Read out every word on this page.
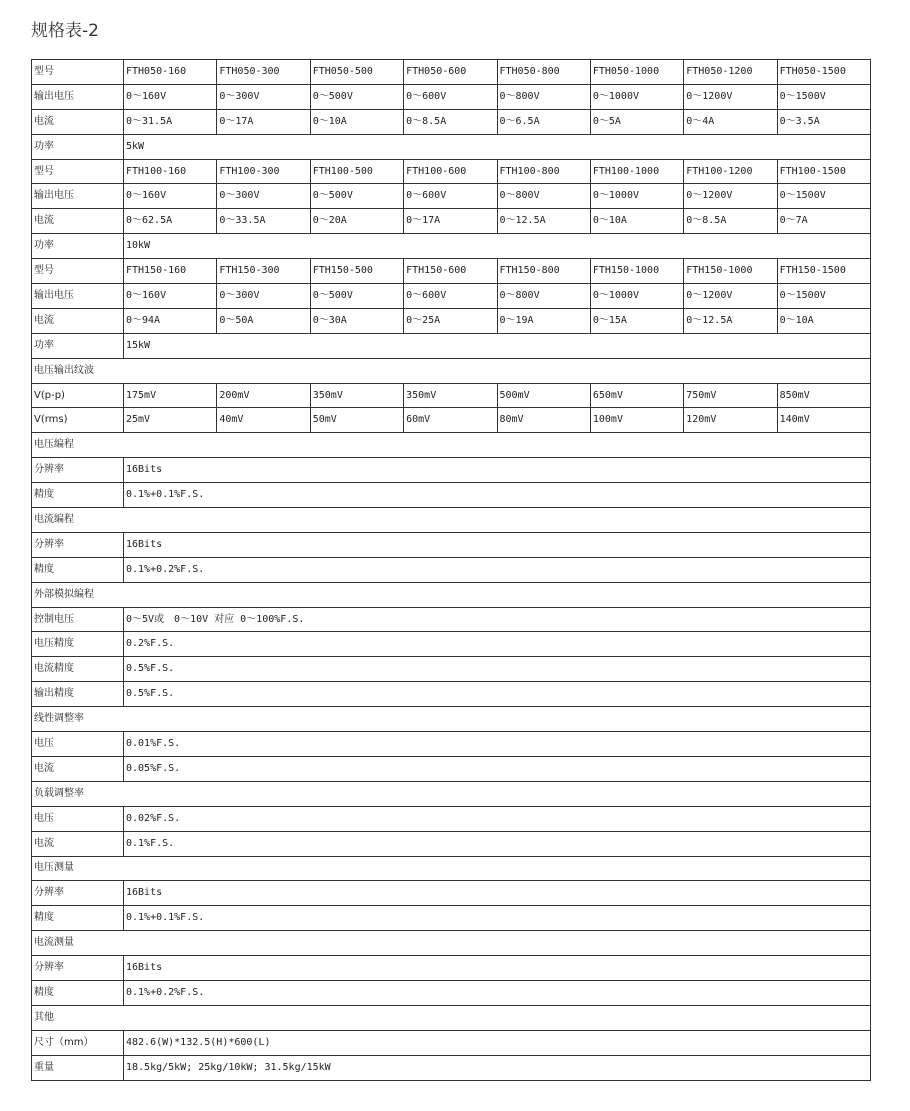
规格表-2
型号	FTH050-160	FTH050-300	FTH050-500	FTH050-600	FTH050-800	FTH050-1000	FTH050-1200	FTH050-1500
输出电压	0～160V	0～300V	0～500V	0～600V	0～800V	0～1000V	0～1200V	0～1500V
电流	0～31.5A	0～17A	0～10A	0～8.5A	0～6.5A	0～5A	0～4A	0～3.5A
功率	5kW							
型号	FTH100-160	FTH100-300	FTH100-500	FTH100-600	FTH100-800	FTH100-1000	FTH100-1200	FTH100-1500
输出电压	0～160V	0～300V	0～500V	0～600V	0～800V	0～1000V	0～1200V	0～1500V
电流	0～62.5A	0～33.5A	0～20A	0～17A	0～12.5A	0～10A	0～8.5A	0～7A
功率	10kW							
型号	FTH150-160	FTH150-300	FTH150-500	FTH150-600	FTH150-800	FTH150-1000	FTH150-1000	FTH150-1500
输出电压	0～160V	0～300V	0～500V	0～600V	0～800V	0～1000V	0～1200V	0～1500V
电流	0～94A	0～50A	0～30A	0～25A	0～19A	0～15A	0～12.5A	0～10A
功率	15kW							
电压输出纹波								
V(p-p)	175mV	200mV	350mV	350mV	500mV	650mV	750mV	850mV
V(rms)	25mV	40mV	50mV	60mV	80mV	100mV	120mV	140mV
电压编程								
分辨率	16Bits							
精度	0.1%+0.1%F.S.							
电流编程								
分辨率	16Bits							
精度	0.1%+0.2%F.S.							
外部模拟编程								
控制电压	0～5V或　0～10V 对应 0～100%F.S.							
电压精度	0.2%F.S.							
电流精度	0.5%F.S.							
输出精度	0.5%F.S.							
线性调整率								
电压	0.01%F.S.							
电流	0.05%F.S.							
负载调整率								
电压	0.02%F.S.							
电流	0.1%F.S.							
电压测量								
分辨率	16Bits							
精度	0.1%+0.1%F.S.							
电流测量								
分辨率	16Bits							
精度	0.1%+0.2%F.S.							
其他								
尺寸（mm）	482.6(W)*132.5(H)*600(L)							
重量	18.5kg/5kW; 25kg/10kW; 31.5kg/15kW							
